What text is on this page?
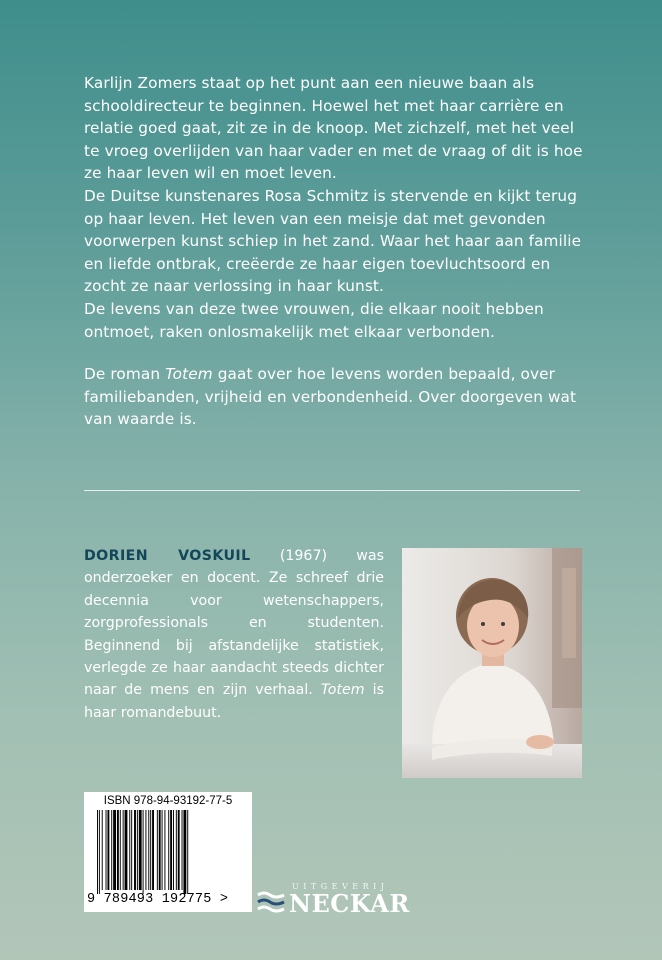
Karlijn Zomers staat op het punt aan een nieuwe baan als schooldirecteur te beginnen. Hoewel het met haar carrière en relatie goed gaat, zit ze in de knoop. Met zichzelf, met het veel te vroeg overlijden van haar vader en met de vraag of dit is hoe ze haar leven wil en moet leven.

De Duitse kunstenares Rosa Schmitz is stervende en kijkt terug op haar leven. Het leven van een meisje dat met gevonden voorwerpen kunst schiep in het zand. Waar het haar aan familie en liefde ontbrak, creëerde ze haar eigen toevluchtsoord en zocht ze naar verlossing in haar kunst.

De levens van deze twee vrouwen, die elkaar nooit hebben ontmoet, raken onlosmakelijk met elkaar verbonden.

De roman Totem gaat over hoe levens worden bepaald, over familiebanden, vrijheid en verbondenheid. Over doorgeven wat van waarde is.

DORIEN VOSKUIL (1967) was onderzoeker en docent. Ze schreef drie decennia voor wetenschappers, zorgprofessionals en studenten. Beginnend bij afstandelijke statistiek, verlegde ze haar aandacht steeds dichter naar de mens en zijn verhaal. Totem is haar romandebuut.
ISBN 978-94-93192-77-5
9 789493 192775 >
UITGEVERIJ
NECKAR
